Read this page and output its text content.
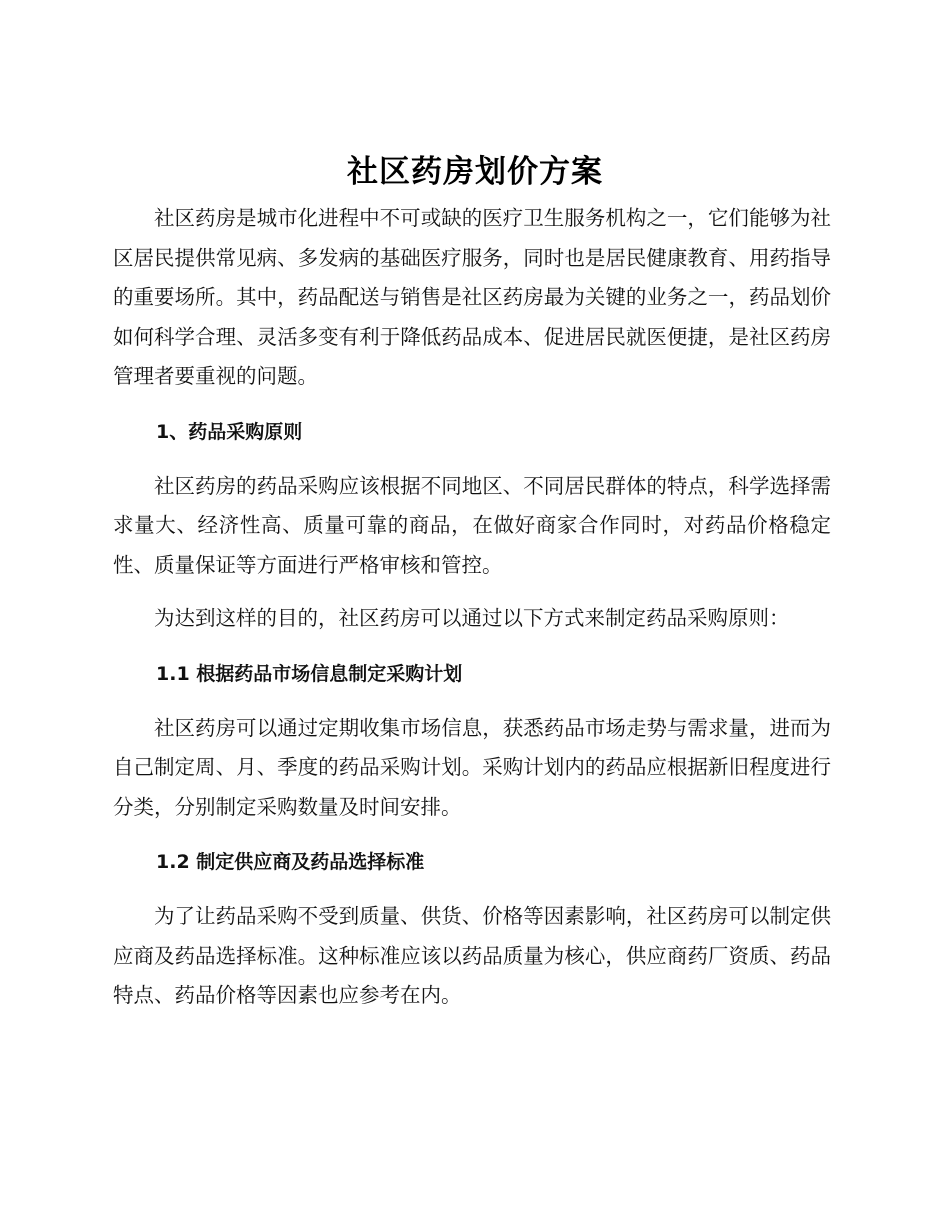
社区药房划价方案

社区药房是城市化进程中不可或缺的医疗卫生服务机构之一，它们能够为社区居民提供常见病、多发病的基础医疗服务，同时也是居民健康教育、用药指导的重要场所。其中，药品配送与销售是社区药房最为关键的业务之一，药品划价如何科学合理、灵活多变有利于降低药品成本、促进居民就医便捷，是社区药房管理者要重视的问题。

1、药品采购原则

社区药房的药品采购应该根据不同地区、不同居民群体的特点，科学选择需求量大、经济性高、质量可靠的商品，在做好商家合作同时，对药品价格稳定性、质量保证等方面进行严格审核和管控。

为达到这样的目的，社区药房可以通过以下方式来制定药品采购原则：

1.1 根据药品市场信息制定采购计划

社区药房可以通过定期收集市场信息，获悉药品市场走势与需求量，进而为自己制定周、月、季度的药品采购计划。采购计划内的药品应根据新旧程度进行分类，分别制定采购数量及时间安排。

1.2 制定供应商及药品选择标准

为了让药品采购不受到质量、供货、价格等因素影响，社区药房可以制定供应商及药品选择标准。这种标准应该以药品质量为核心，供应商药厂资质、药品特点、药品价格等因素也应参考在内。
